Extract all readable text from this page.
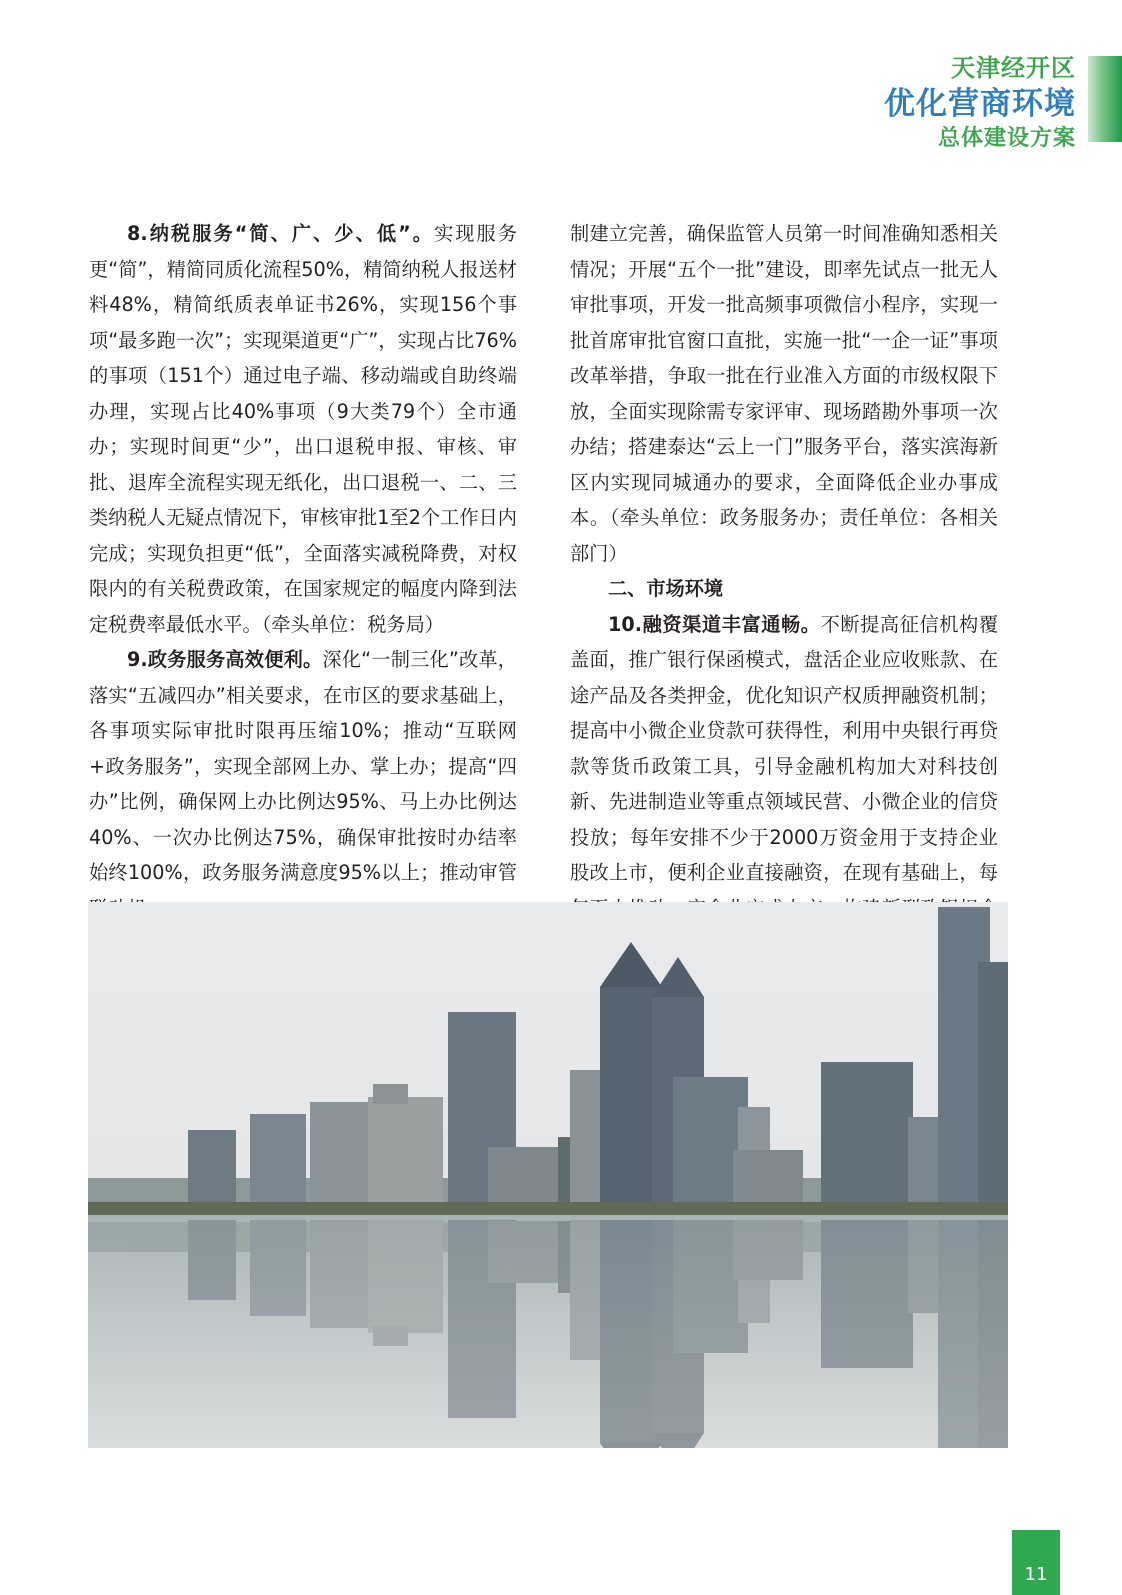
天津经开区
优化营商环境
总体建设方案

8.纳税服务“简、广、少、低”。实现服务更“简”，精简同质化流程50%，精简纳税人报送材料48%，精简纸质表单证书26%，实现156个事项“最多跑一次”；实现渠道更“广”，实现占比76%的事项（151个）通过电子端、移动端或自助终端办理，实现占比40%事项（9大类79个）全市通办；实现时间更“少”，出口退税申报、审核、审批、退库全流程实现无纸化，出口退税一、二、三类纳税人无疑点情况下，审核审批1至2个工作日内完成；实现负担更“低”，全面落实减税降费，对权限内的有关税费政策，在国家规定的幅度内降到法定税费率最低水平。（牵头单位：税务局）

9.政务服务高效便利。深化“一制三化”改革，落实“五减四办”相关要求，在市区的要求基础上，各事项实际审批时限再压缩10%；推动“互联网+政务服务”，实现全部网上办、掌上办；提高“四办”比例，确保网上办比例达95%、马上办比例达40%、一次办比例达75%，确保审批按时办结率始终100%，政务服务满意度95%以上；推动审管

制建立完善，确保监管人员第一时间准确知悉相关情况；开展“五个一批”建设，即率先试点一批无人审批事项，开发一批高频事项微信小程序，实现一批首席审批官窗口直批，实施一批“一企一证”事项改革举措，争取一批在行业准入方面的市级权限下放，全面实现除需专家评审、现场踏勘外事项一次办结；搭建泰达“云上一门”服务平台，落实滨海新区内实现同城通办的要求，全面降低企业办事成本。（牵头单位：政务服务办；责任单位：各相关部门）

二、市场环境

10.融资渠道丰富通畅。不断提高征信机构覆盖面，推广银行保函模式，盘活企业应收账款、在途产品及各类押金，优化知识产权质押融资机制；提高中小微企业贷款可获得性，利用中央银行再贷款等货币政策工具，引导金融机构加大对科技创新、先进制造业等重点领域民营、小微企业的信贷投放；每年安排不少于2000万资金用于支持企业股改上市，便利企业直接融资，在现有基础上，每

11
